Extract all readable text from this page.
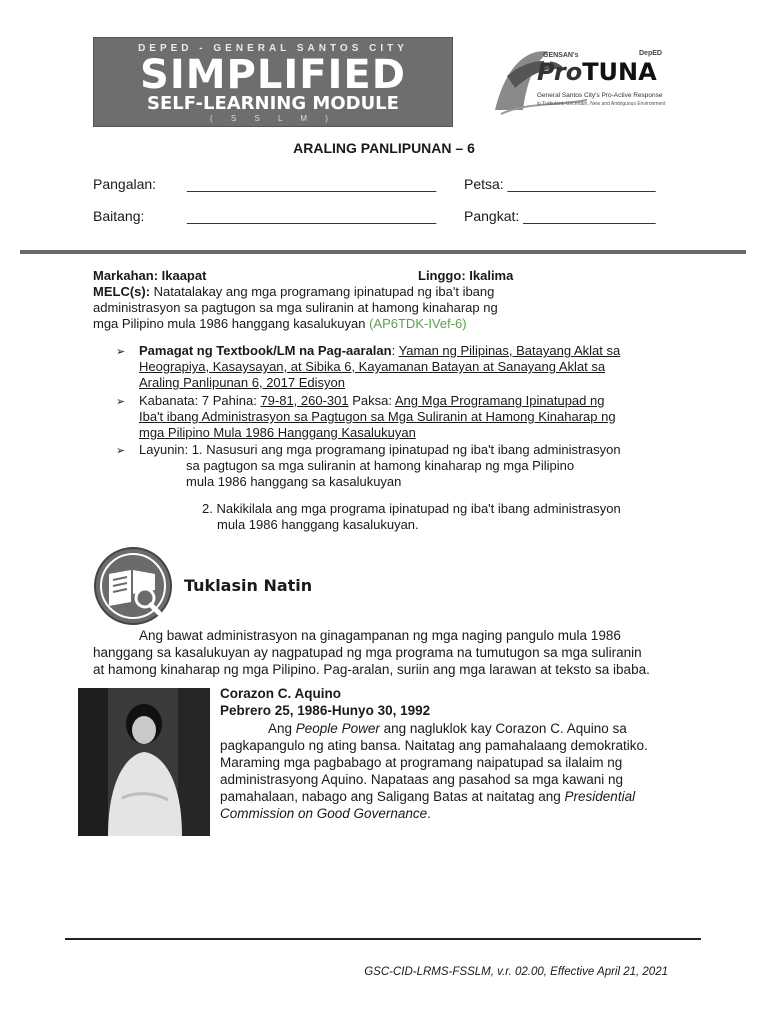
DEPED - GENERAL SANTOS CITY
SIMPLIFIED
SELF-LEARNING MODULE
( S S L M )
GENSAN's	DepED
ProTUNA
General Santos City's Pro-Active Response
in Turbulent, Uncertain, New and Ambiguous Environment
ARALING PANLIPUNAN – 6
Pangalan: ________________________________ Petsa: ___________________
Baitang:	________________________________ Pangkat: _________________
Markahan: Ikaapat	Linggo: Ikalima
MELC(s): Natatalakay ang mga programang ipinatupad ng iba't ibang
administrasyon sa pagtugon sa mga suliranin at hamong kinaharap ng
mga Pilipino mula 1986 hanggang kasalukuyan (AP6TDK-IVef-6)
➢ Pamagat ng Textbook/LM na Pag-aaralan: Yaman ng Pilipinas, Batayang Aklat sa
Heograpiya, Kasaysayan, at Sibika 6, Kayamanan Batayan at Sanayang Aklat sa
Araling Panlipunan 6, 2017 Edisyon
➢ Kabanata: 7 Pahina: 79-81, 260-301 Paksa: Ang Mga Programang Ipinatupad ng
Iba't ibang Administrasyon sa Pagtugon sa Mga Suliranin at Hamong Kinaharap ng
mga Pilipino Mula 1986 Hanggang Kasalukuyan
➢ Layunin: 1. Nasusuri ang mga programang ipinatupad ng iba't ibang administrasyon
sa pagtugon sa mga suliranin at hamong kinaharap ng mga Pilipino
mula 1986 hanggang sa kasalukuyan
2. Nakikilala ang mga programa ipinatupad ng iba't ibang administrasyon
mula 1986 hanggang kasalukuyan.
Tuklasin Natin
Ang bawat administrasyon na ginagampanan ng mga naging pangulo mula 1986
hanggang sa kasalukuyan ay nagpatupad ng mga programa na tumutugon sa mga suliranin
at hamong kinaharap ng mga Pilipino. Pag-aralan, suriin ang mga larawan at teksto sa ibaba.
Corazon C. Aquino
Pebrero 25, 1986-Hunyo 30, 1992
Ang People Power ang nagluklok kay Corazon C. Aquino sa
pagkapangulo ng ating bansa. Naitatag ang pamahalaang demokratiko.
Maraming mga pagbabago at programang naipatupad sa ilalaim ng
administrasyong Aquino. Napataas ang pasahod sa mga kawani ng
pamahalaan, nabago ang Saligang Batas at naitatag ang Presidential
Commission on Good Governance.
GSC-CID-LRMS-FSSLM, v.r. 02.00, Effective April 21, 2021
